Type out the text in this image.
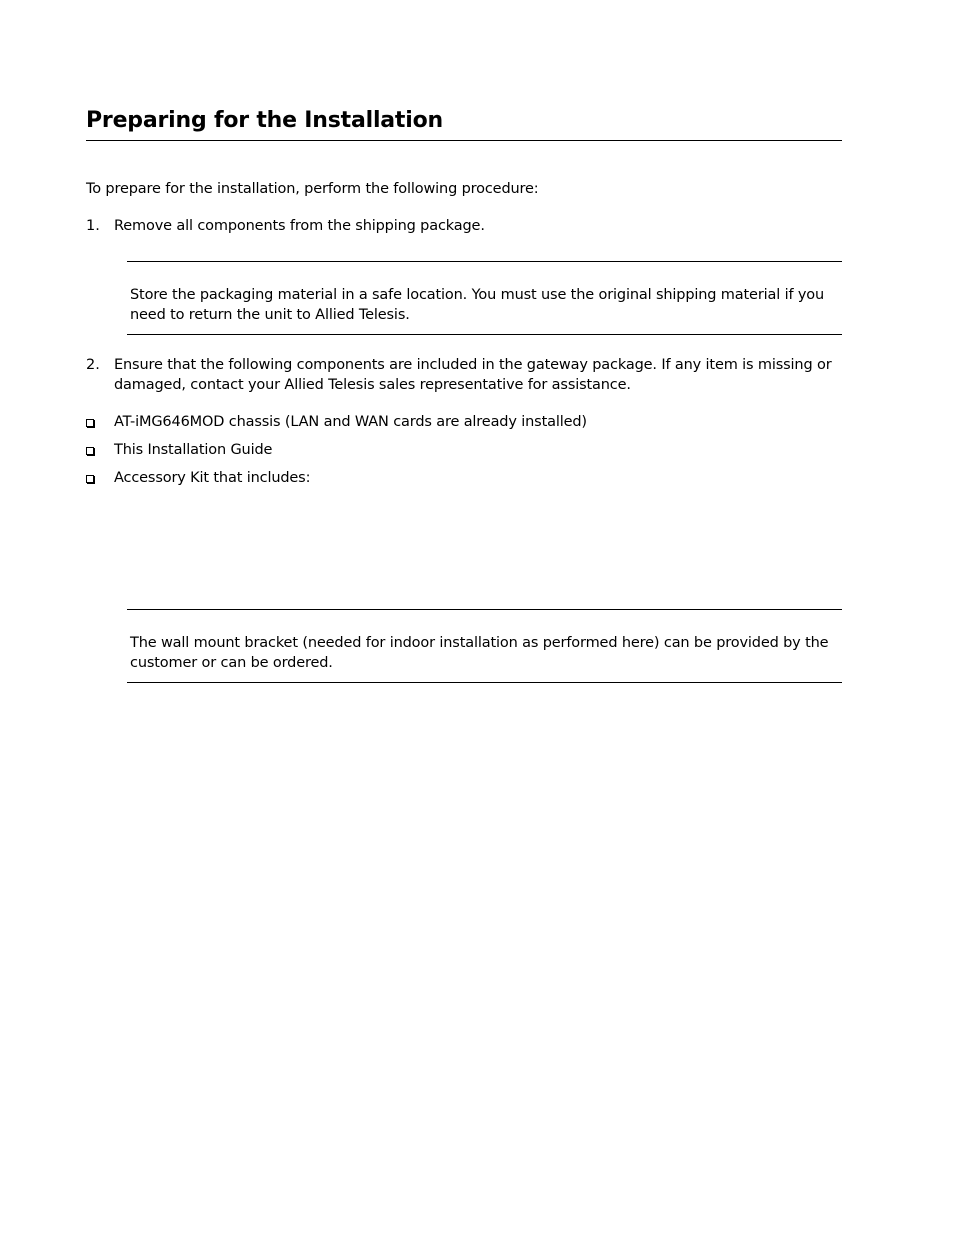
Preparing for the Installation
To prepare for the installation, perform the following procedure:
1. Remove all components from the shipping package.
Store the packaging material in a safe location. You must use the original shipping material if you need to return the unit to Allied Telesis.
2. Ensure that the following components are included in the gateway package. If any item is missing or damaged, contact your Allied Telesis sales representative for assistance.
AT-iMG646MOD chassis (LAN and WAN cards are already installed)
This Installation Guide
Accessory Kit that includes:
The wall mount bracket (needed for indoor installation as performed here) can be provided by the customer or can be ordered.
